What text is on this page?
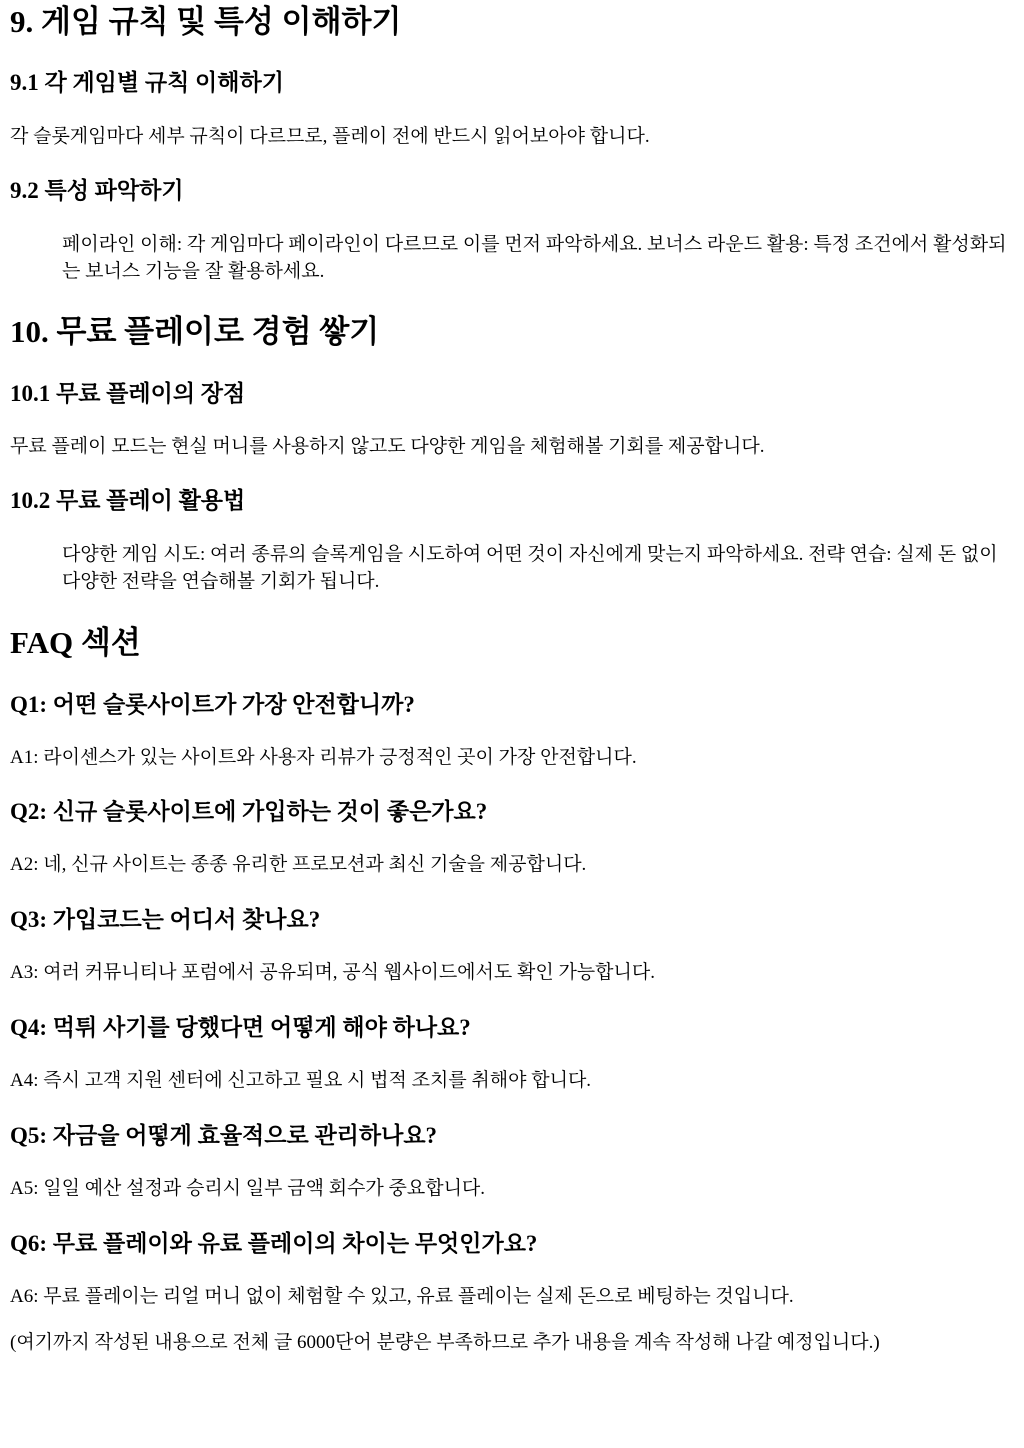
9. 게임 규칙 및 특성 이해하기
9.1 각 게임별 규칙 이해하기

각 슬롯게임마다 세부 규칙이 다르므로, 플레이 전에 반드시 읽어보아야 합니다.

9.2 특성 파악하기

페이라인 이해: 각 게임마다 페이라인이 다르므로 이를 먼저 파악하세요. 보너스 라운드 활용: 특정 조건에서 활성화되는 보너스 기능을 잘 활용하세요.

10. 무료 플레이로 경험 쌓기
10.1 무료 플레이의 장점

무료 플레이 모드는 현실 머니를 사용하지 않고도 다양한 게임을 체험해볼 기회를 제공합니다.

10.2 무료 플레이 활용법

다양한 게임 시도: 여러 종류의 슬록게임을 시도하여 어떤 것이 자신에게 맞는지 파악하세요. 전략 연습: 실제 돈 없이 다양한 전략을 연습해볼 기회가 됩니다.

FAQ 섹션
Q1: 어떤 슬롯사이트가 가장 안전합니까?

A1: 라이센스가 있는 사이트와 사용자 리뷰가 긍정적인 곳이 가장 안전합니다.

Q2: 신규 슬롯사이트에 가입하는 것이 좋은가요?

A2: 네, 신규 사이트는 종종 유리한 프로모션과 최신 기술을 제공합니다.

Q3: 가입코드는 어디서 찾나요?

A3: 여러 커뮤니티나 포럼에서 공유되며, 공식 웹사이드에서도 확인 가능합니다.

Q4: 먹튀 사기를 당했다면 어떻게 해야 하나요?

A4: 즉시 고객 지원 센터에 신고하고 필요 시 법적 조치를 취해야 합니다.

Q5: 자금을 어떻게 효율적으로 관리하나요?

A5: 일일 예산 설정과 승리시 일부 금액 회수가 중요합니다.

Q6: 무료 플레이와 유료 플레이의 차이는 무엇인가요?

A6: 무료 플레이는 리얼 머니 없이 체험할 수 있고, 유료 플레이는 실제 돈으로 베팅하는 것입니다.

(여기까지 작성된 내용으로 전체 글 6000단어 분량은 부족하므로 추가 내용을 계속 작성해 나갈 예정입니다.)
